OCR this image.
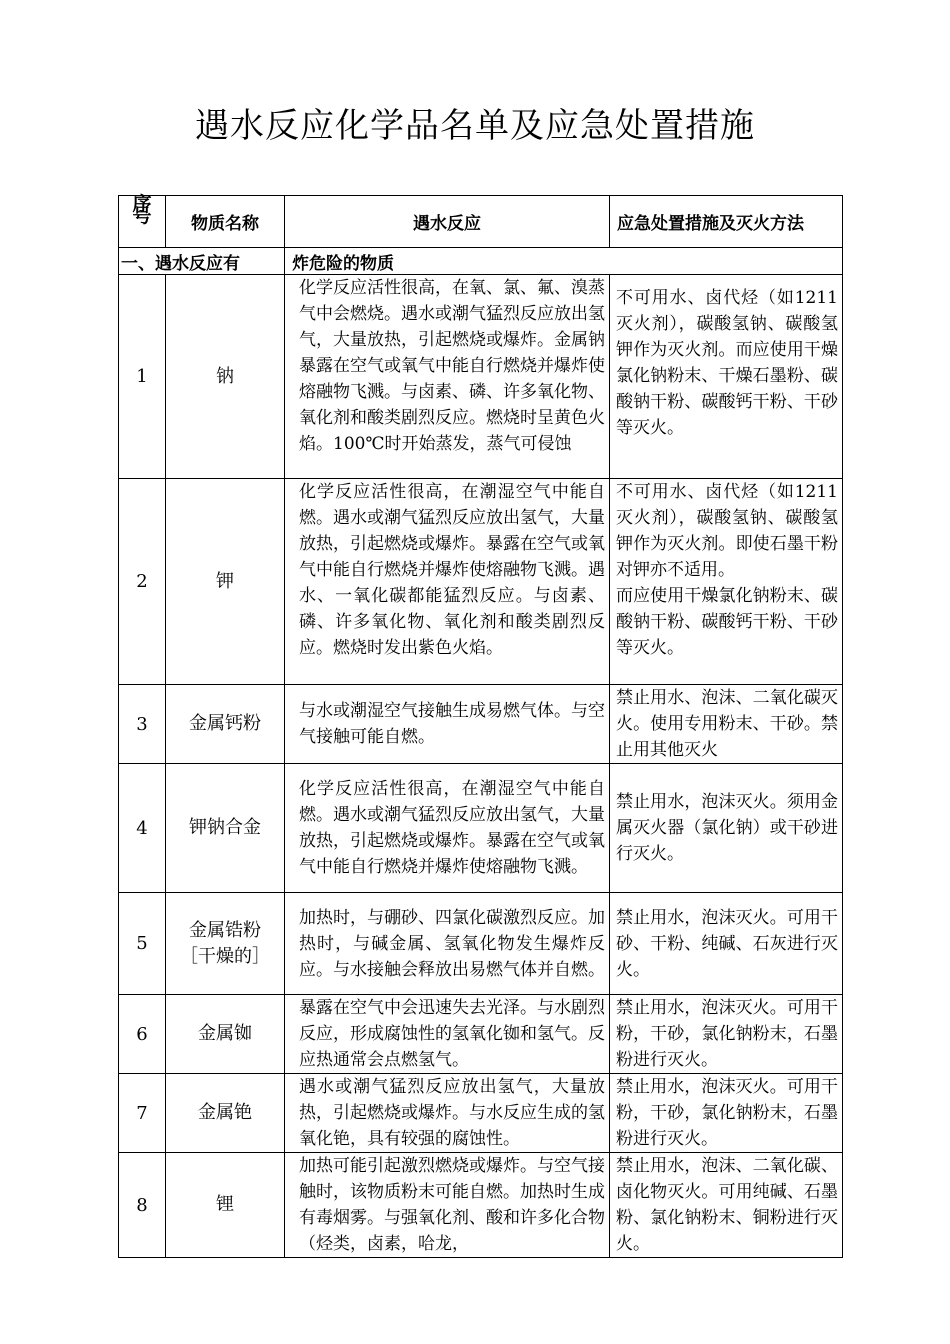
遇水反应化学品名单及应急处置措施
序号	物质名称	遇水反应	应急处置措施及灭火方法
一、遇水反应有		炸危险的物质	
1	钠	化学反应活性很高，在氧、氯、氟、溴蒸气中会燃烧。遇水或潮气猛烈反应放出氢气，大量放热，引起燃烧或爆炸。金属钠暴露在空气或氧气中能自行燃烧并爆炸使熔融物飞溅。与卤素、磷、许多氧化物、氧化剂和酸类剧烈反应。燃烧时呈黄色火焰。100℃时开始蒸发，蒸气可侵蚀	不可用水、卤代烃（如1211灭火剂），碳酸氢钠、碳酸氢钾作为灭火剂。而应使用干燥氯化钠粉末、干燥石墨粉、碳酸钠干粉、碳酸钙干粉、干砂等灭火。

2	钾	化学反应活性很高，在潮湿空气中能自燃。遇水或潮气猛烈反应放出氢气，大量放热，引起燃烧或爆炸。暴露在空气或氧气中能自行燃烧并爆炸使熔融物飞溅。遇水、一氧化碳都能猛烈反应。与卤素、磷、许多氧化物、氧化剂和酸类剧烈反应。燃烧时发出紫色火焰。	不可用水、卤代烃（如1211灭火剂），碳酸氢钠、碳酸氢钾作为灭火剂。即使石墨干粉对钾亦不适用。
而应使用干燥氯化钠粉末、碳酸钠干粉、碳酸钙干粉、干砂等灭火。

3	金属钙粉	与水或潮湿空气接触生成易燃气体。与空气接触可能自燃。	禁止用水、泡沫、二氧化碳灭火。使用专用粉末、干砂。禁止用其他灭火

4	钾钠合金	化学反应活性很高，在潮湿空气中能自燃。遇水或潮气猛烈反应放出氢气，大量放热，引起燃烧或爆炸。暴露在空气或氧气中能自行燃烧并爆炸使熔融物飞溅。	禁止用水，泡沫灭火。须用金属灭火器（氯化钠）或干砂进行灭火。

5	金属锆粉［干燥的］	加热时，与硼砂、四氯化碳激烈反应。加热时，与碱金属、氢氧化物发生爆炸反应。与水接触会释放出易燃气体并自燃。	禁止用水，泡沫灭火。可用干砂、干粉、纯碱、石灰进行灭火。

6	金属铷	暴露在空气中会迅速失去光泽。与水剧烈反应，形成腐蚀性的氢氧化铷和氢气。反应热通常会点燃氢气。	禁止用水，泡沫灭火。可用干粉，干砂，氯化钠粉末，石墨粉进行灭火。

7	金属铯	遇水或潮气猛烈反应放出氢气，大量放热，引起燃烧或爆炸。与水反应生成的氢氧化铯，具有较强的腐蚀性。	禁止用水，泡沫灭火。可用干粉，干砂，氯化钠粉末，石墨粉进行灭火。

8	锂	加热可能引起激烈燃烧或爆炸。与空气接触时，该物质粉末可能自燃。加热时生成有毒烟雾。与强氧化剂、酸和许多化合物（烃类，卤素，哈龙，	禁止用水，泡沫、二氧化碳、卤化物灭火。可用纯碱、石墨粉、氯化钠粉末、铜粉进行灭火。
